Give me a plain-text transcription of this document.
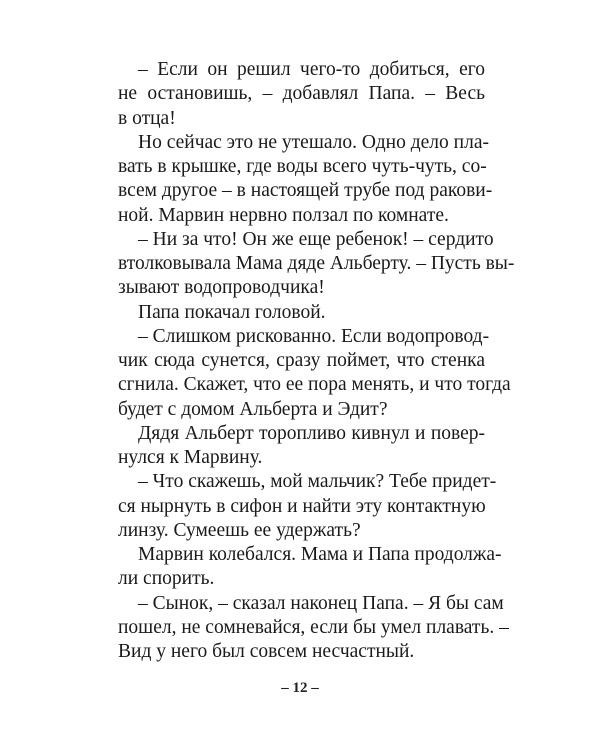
– Если он решил чего-то добиться, его
не остановишь, – добавлял Папа. – Весь
в отца!
Но сейчас это не утешало. Одно дело пла-
вать в крышке, где воды всего чуть-чуть, со-
всем другое – в настоящей трубе под ракови-
ной. Марвин нервно ползал по комнате.
– Ни за что! Он же еще ребенок! – сердито
втолковывала Мама дяде Альберту. – Пусть вы-
зывают водопроводчика!
Папа покачал головой.
– Слишком рискованно. Если водопровод-
чик сюда сунется, сразу поймет, что стенка
сгнила. Скажет, что ее пора менять, и что тогда
будет с домом Альберта и Эдит?
Дядя Альберт торопливо кивнул и повер-
нулся к Марвину.
– Что скажешь, мой мальчик? Тебе придет-
ся нырнуть в сифон и найти эту контактную
линзу. Сумеешь ее удержать?
Марвин колебался. Мама и Папа продолжа-
ли спорить.
– Сынок, – сказал наконец Папа. – Я бы сам
пошел, не сомневайся, если бы умел плавать. –
Вид у него был совсем несчастный.
– 12 –
